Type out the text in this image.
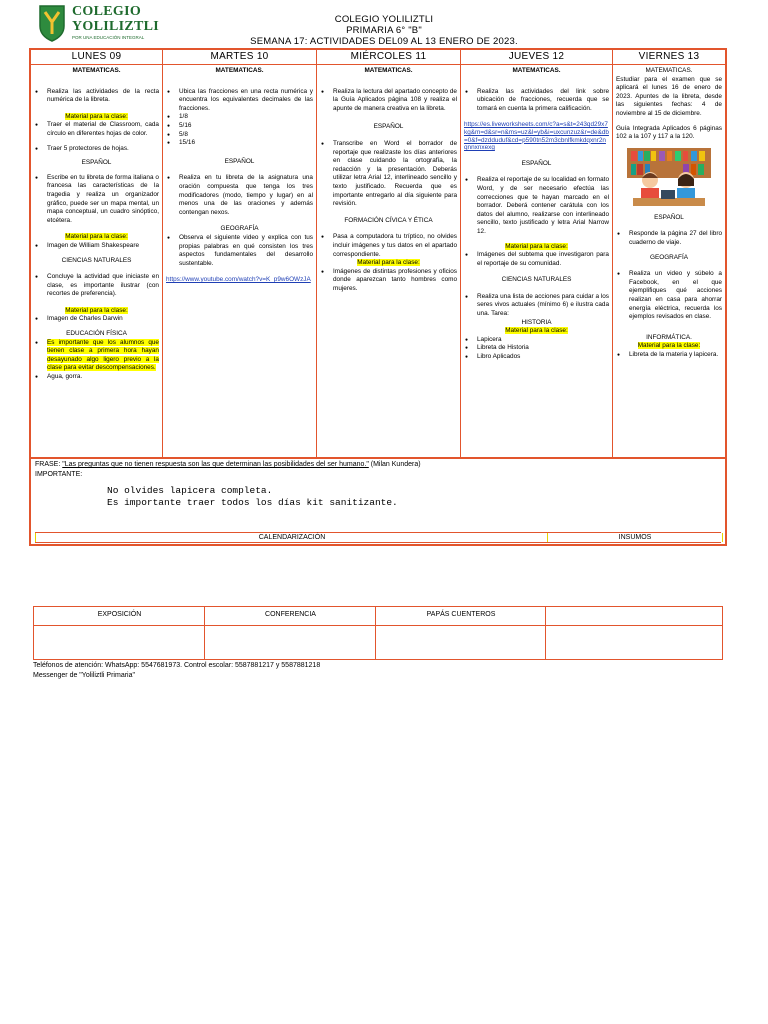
COLEGIO
YOLILIZTLI
POR UNA EDUCACIÓN INTEGRAL
COLEGIO YOLILIZTLI
PRIMARIA 6° "B"
SEMANA 17: ACTIVIDADES DEL09 AL 13 ENERO DE 2023.
LUNES 09

MATEMATICAS.

● Realiza las actividades de la recta numérica de la libreta.

Material para la clase:

● Traer el material de Classroom, cada círculo en diferentes hojas de color.

● Traer 5 protectores de hojas.

ESPAÑOL

● Escribe en tu libreta de forma italiana o francesa las características de la tragedia y realiza un organizador gráfico, puede ser un mapa mental, un mapa conceptual, un cuadro sinóptico, etcétera.

Material para la clase:

● Imagen de William Shakespeare

CIENCIAS NATURALES

● Concluye la actividad que iniciaste en clase, es importante ilustrar (con recortes de preferencia).

Material para la clase:

● Imagen de Charles Darwin

EDUCACIÓN FÍSICA

● Es importante que los alumnos que tienen clase a primera hora hayan desayunado algo ligero previo a la clase para evitar descompensaciones.

● Agua, gorra.

MARTES 10

MATEMATICAS.

● Ubica las fracciones en una recta numérica y encuentra los equivalentes decimales de las fracciones.

● 1/8

● 5/16

● 5/8

● 15/16

ESPAÑOL

● Realiza en tu libreta de la asignatura una oración compuesta que tenga los tres modificadores (modo, tiempo y lugar) en al menos una de las oraciones y además contengan nexos.

GEOGRAFÍA

● Observa el siguiente video y explica con tus propias palabras en qué consisten los tres aspectos fundamentales del desarrollo sustentable.

https://www.youtube.com/watch?v=K_p9w6OWzJA

MIÉRCOLES 11

MATEMATICAS.

● Realiza la lectura del apartado concepto de la Guía Aplicados página 108 y realiza el apunte de manera creativa en la libreta.

ESPAÑOL

● Transcribe en Word el borrador de reportaje que realizaste los días anteriores en clase cuidando la ortografía, la redacción y la presentación. Deberás utilizar letra Arial 12, interlineado sencillo y texto justificado. Recuerda que es importante entregarlo al día siguiente para revisión.

FORMACIÓN CÍVICA Y ÉTICA

● Pasa a computadora tu tríptico, no olvides incluir imágenes y tus datos en el apartado correspondiente.

Material para la clase:

● Imágenes de distintas profesiones y oficios donde aparezcan tanto hombres como mujeres.

JUEVES 12

MATEMATICAS.

● Realiza las actividades del link sobre ubicación de fracciones, recuerda que se tomará en cuenta la primera calificación.

https://es.liveworksheets.com/c?a=s&t=243qd29x7kg&m=d&sr=n&ms=uz&l=yb&i=uxcunzuz&r=de&db=0&f=dzdduduf&cd=p590tn52m3cbnlfkmkdqxnr2nqnnxnxexg

ESPAÑOL

● Realiza el reportaje de su localidad en formato Word, y de ser necesario efectúa las correcciones que te hayan marcado en el borrador. Deberá contener carátula con los datos del alumno, realizarse con interlineado sencillo, texto justificado y letra Arial Narrow 12.

Material para la clase:

● Imágenes del subtema que investigaron para el reportaje de su comunidad.

CIENCIAS NATURALES

● Realiza una lista de acciones para cuidar a los seres vivos actuales (mínimo 6) e ilustra cada una. Tarea:

HISTORIA

Material para la clase:

● Lapicera

● Libreta de Historia

● Libro Aplicados

VIERNES 13

MATEMATICAS.

Estudiar para el examen que se aplicará el lunes 16 de enero de 2023. Apuntes de la libreta, desde las siguientes fechas: 4 de noviembre al 15 de diciembre.

Guía Integrada Aplicados 6 páginas 102 a la 107 y 117 a la 120.

ESPAÑOL

● Responde la página 27 del libro cuaderno de viaje.

GEOGRAFÍA

● Realiza un video y súbelo a Facebook, en el que ejemplifiques qué acciones realizan en casa para ahorrar energía eléctrica, recuerda los ejemplos revisados en clase.

INFORMÁTICA.

Material para la clase:

● Libreta de la materia y lapicera.

FRASE: "Las preguntas que no tienen respuesta son las que determinan las posibilidades del ser humano." (Milan Kundera)
IMPORTANTE:
No olvides lapicera completa.
Es importante traer todos los días kit sanitizante.
CALENDARIZACIÓN	INSUMOS
EXPOSICIÓN	CONFERENCIA	PAPÁS CUENTEROS
Teléfonos de atención: WhatsApp: 5547681973. Control escolar: 5587881217 y 5587881218
Messenger de "Yoliliztli Primaria"
